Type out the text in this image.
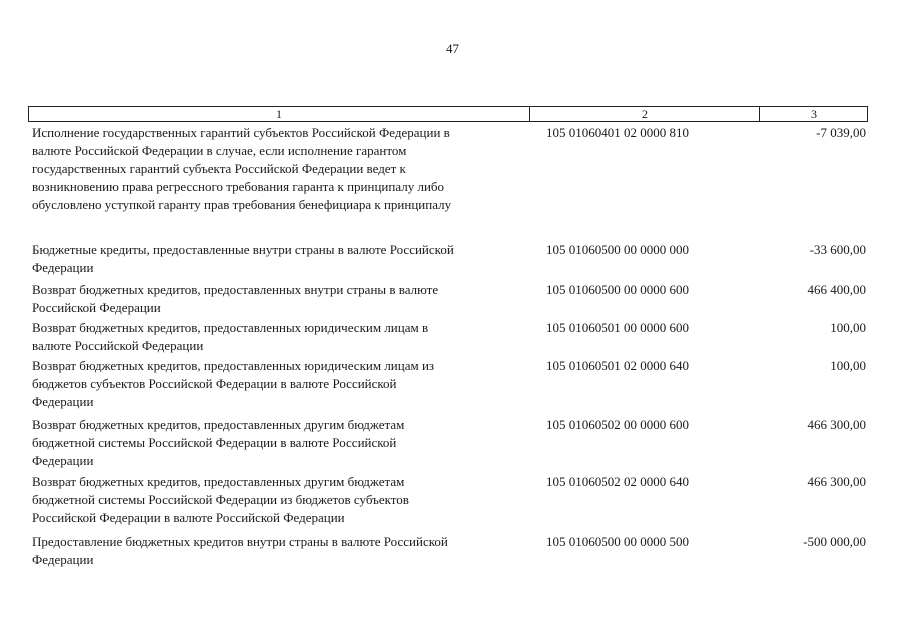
47
1	2	3
Исполнение государственных гарантий субъектов Российской Федерации в
валюте Российской Федерации в случае, если исполнение гарантом
государственных гарантий субъекта Российской Федерации ведет к
возникновению права регрессного требования гаранта к принципалу либо
обусловлено уступкой гаранту прав требования бенефициара к принципалу
105 01060401 02 0000 810	-7 039,00
Бюджетные кредиты, предоставленные внутри страны в валюте Российской
Федерации
105 01060500 00 0000 000	-33 600,00
Возврат бюджетных кредитов, предоставленных внутри страны в валюте
Российской Федерации
105 01060500 00 0000 600	466 400,00
Возврат бюджетных кредитов, предоставленных юридическим лицам в
валюте Российской Федерации
105 01060501 00 0000 600	100,00
Возврат бюджетных кредитов, предоставленных юридическим лицам из
бюджетов субъектов Российской Федерации в валюте Российской
Федерации
105 01060501 02 0000 640	100,00
Возврат бюджетных кредитов, предоставленных другим бюджетам
бюджетной системы Российской Федерации в валюте Российской
Федерации
105 01060502 00 0000 600	466 300,00
Возврат бюджетных кредитов, предоставленных другим бюджетам
бюджетной системы Российской Федерации из бюджетов субъектов
Российской Федерации в валюте Российской Федерации
105 01060502 02 0000 640	466 300,00
Предоставление бюджетных кредитов внутри страны в валюте Российской
Федерации
105 01060500 00 0000 500	-500 000,00
